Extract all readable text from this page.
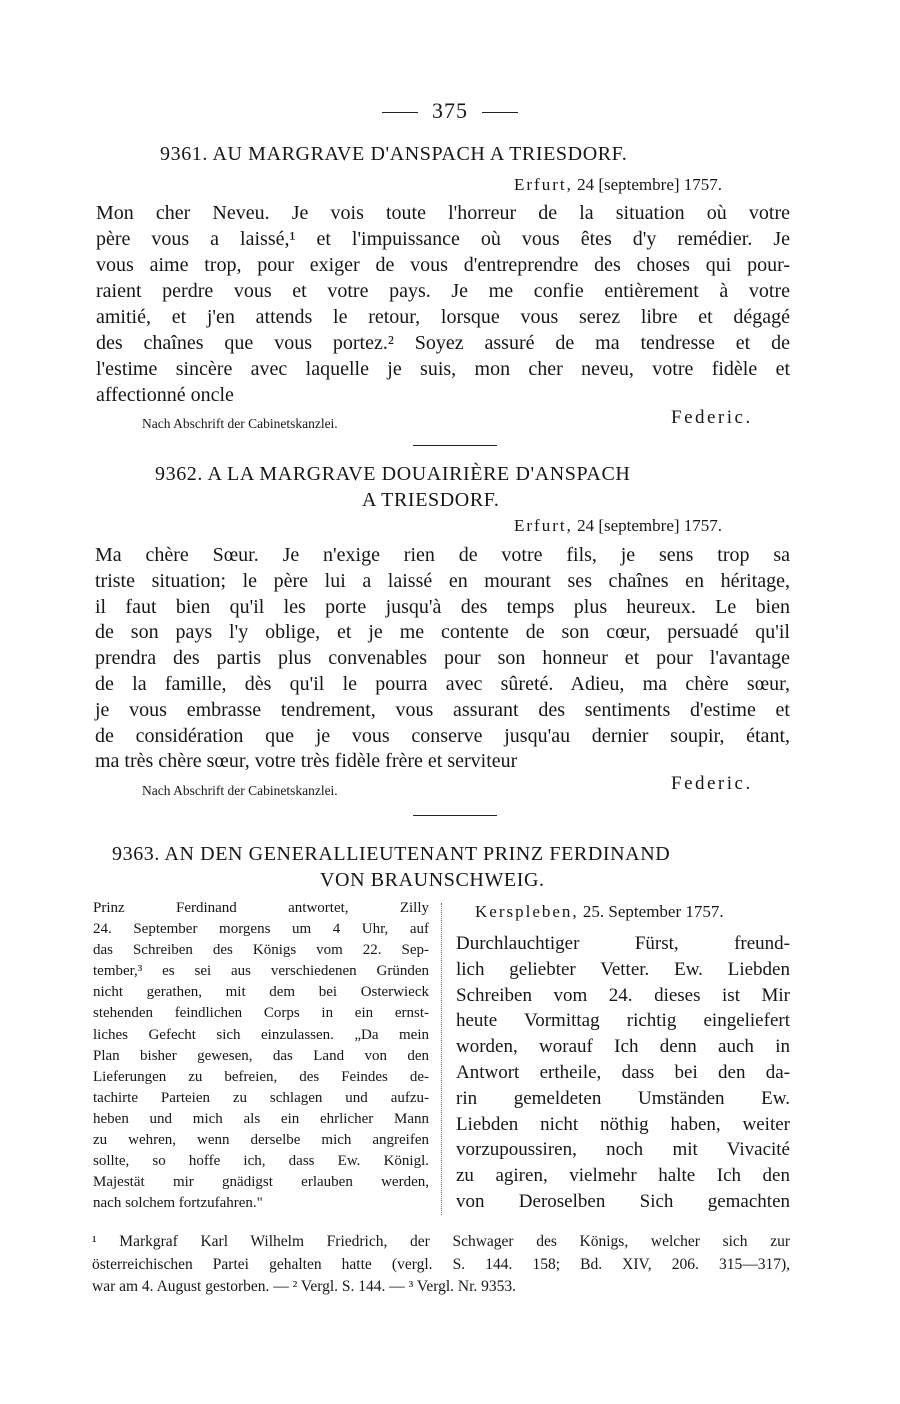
375
9361. AU MARGRAVE D'ANSPACH A TRIESDORF.
Erfurt, 24 [septembre] 1757.
Mon cher Neveu. Je vois toute l'horreur de la situation où votre
père vous a laissé,¹ et l'impuissance où vous êtes d'y remédier. Je
vous aime trop, pour exiger de vous d'entreprendre des choses qui pour-
raient perdre vous et votre pays. Je me confie entièrement à votre
amitié, et j'en attends le retour, lorsque vous serez libre et dégagé
des chaînes que vous portez.² Soyez assuré de ma tendresse et de
l'estime sincère avec laquelle je suis, mon cher neveu, votre fidèle et
affectionné oncle
Nach Abschrift der Cabinetskanzlei.	Federic.
9362. A LA MARGRAVE DOUAIRIÈRE D'ANSPACH
A TRIESDORF.
Erfurt, 24 [septembre] 1757.
Ma chère Sœur. Je n'exige rien de votre fils, je sens trop sa
triste situation; le père lui a laissé en mourant ses chaînes en héritage,
il faut bien qu'il les porte jusqu'à des temps plus heureux. Le bien
de son pays l'y oblige, et je me contente de son cœur, persuadé qu'il
prendra des partis plus convenables pour son honneur et pour l'avantage
de la famille, dès qu'il le pourra avec sûreté. Adieu, ma chère sœur,
je vous embrasse tendrement, vous assurant des sentiments d'estime et
de considération que je vous conserve jusqu'au dernier soupir, étant,
ma très chère sœur, votre très fidèle frère et serviteur
Nach Abschrift der Cabinetskanzlei.	Federic.
9363. AN DEN GENERALLIEUTENANT PRINZ FERDINAND
VON BRAUNSCHWEIG.
Prinz Ferdinand antwortet, Zilly
24. September morgens um 4 Uhr, auf
das Schreiben des Königs vom 22. Sep-
tember,³ es sei aus verschiedenen Gründen
nicht gerathen, mit dem bei Osterwieck
stehenden feindlichen Corps in ein ernst-
liches Gefecht sich einzulassen. „Da mein
Plan bisher gewesen, das Land von den
Lieferungen zu befreien, des Feindes de-
tachirte Parteien zu schlagen und aufzu-
heben und mich als ein ehrlicher Mann
zu wehren, wenn derselbe mich angreifen
sollte, so hoffe ich, dass Ew. Königl.
Majestät mir gnädigst erlauben werden,
nach solchem fortzufahren."
Kerspleben, 25. September 1757.
Durchlauchtiger Fürst, freund-
lich geliebter Vetter. Ew. Liebden
Schreiben vom 24. dieses ist Mir
heute Vormittag richtig eingeliefert
worden, worauf Ich denn auch in
Antwort ertheile, dass bei den da-
rin gemeldeten Umständen Ew.
Liebden nicht nöthig haben, weiter
vorzupoussiren, noch mit Vivacité
zu agiren, vielmehr halte Ich den
von Deroselben Sich gemachten
¹ Markgraf Karl Wilhelm Friedrich, der Schwager des Königs, welcher sich zur
österreichischen Partei gehalten hatte (vergl. S. 144. 158; Bd. XIV, 206. 315—317),
war am 4. August gestorben. — ² Vergl. S. 144. — ³ Vergl. Nr. 9353.
